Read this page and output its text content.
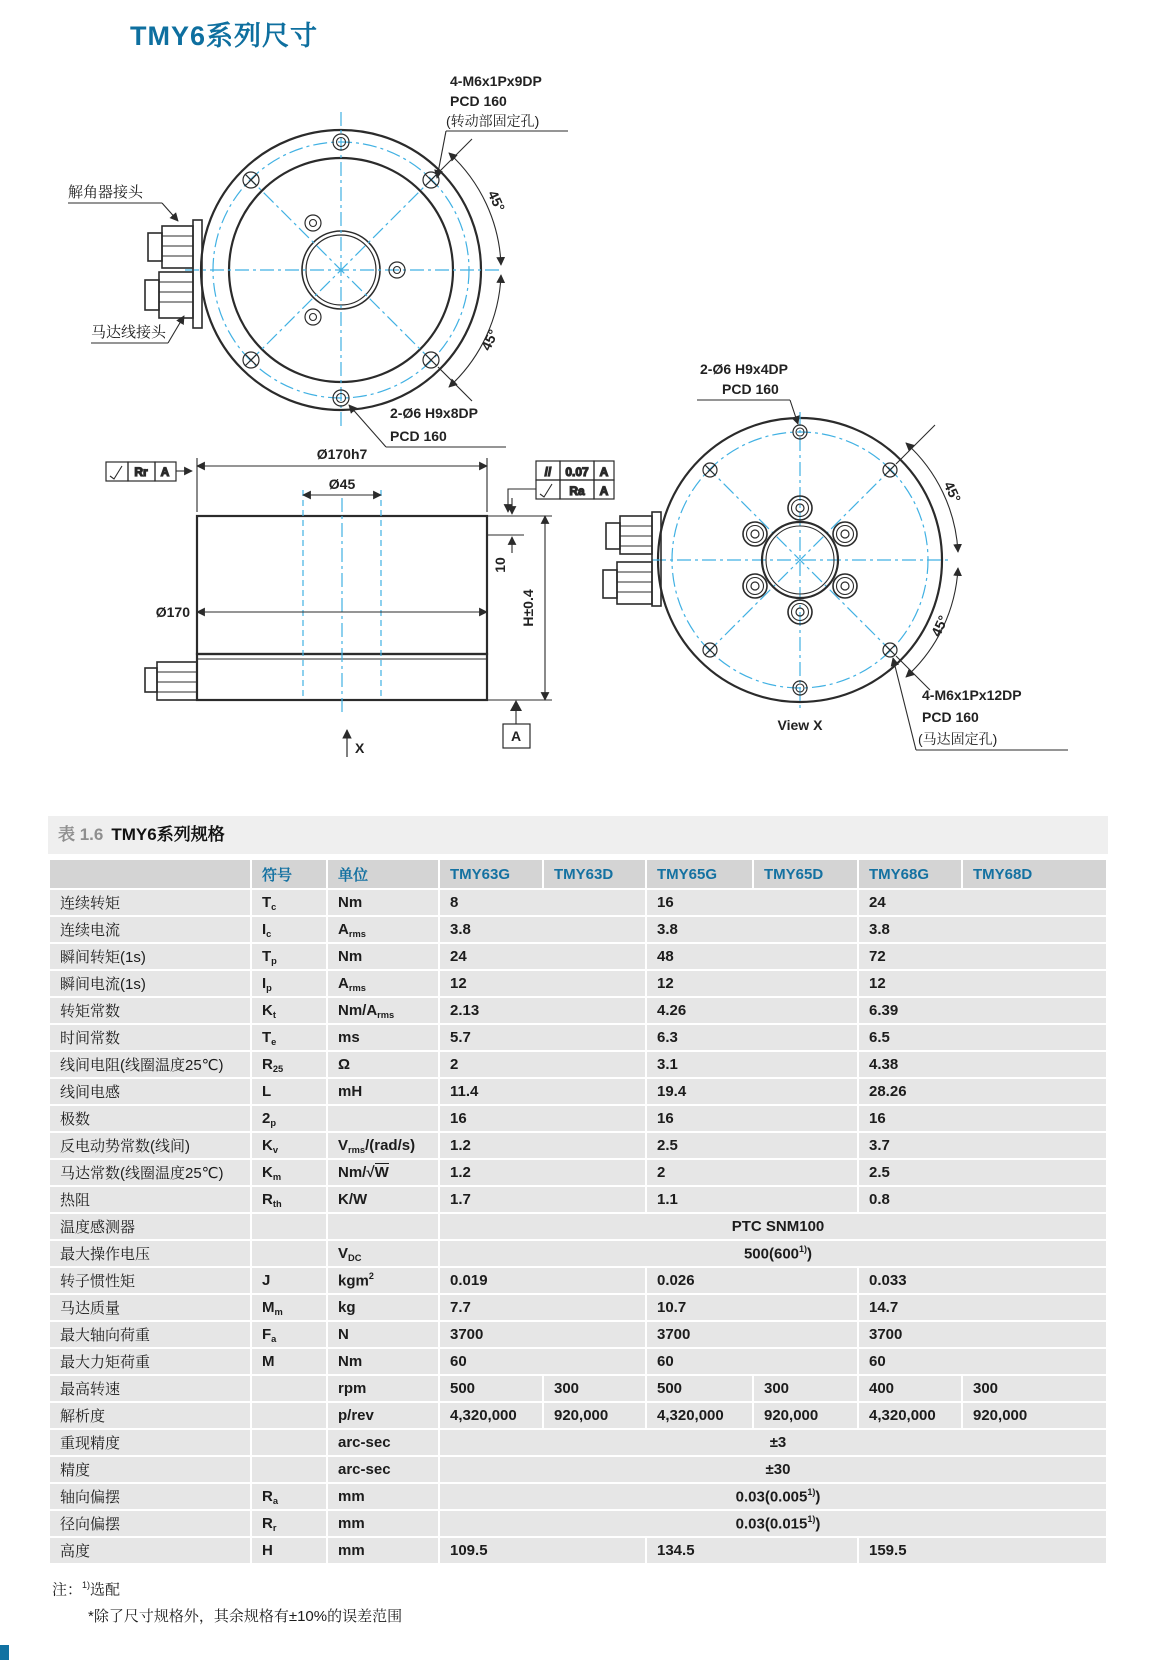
TMY6系列尺寸
解角器接头
马达线接头
4-M6x1Px9DP
PCD 160
(转动部固定孔)
2-Ø6 H9x8DP
PCD 160
45°
45°
Ø170h7
Ø45
Ø170
10
H±0.4
A
X
Rr A	// 0.07 A
Ra A
2-Ø6 H9x4DP
PCD 160
4-M6x1Px12DP
PCD 160
(马达固定孔)
View X
45°
45°
表 1.6 TMY6系列规格
	符号	单位	TMY63G	TMY63D	TMY65G	TMY65D	TMY68G	TMY68D
连续转矩	$T_c$	Nm	8		16		24	
连续电流	$I_c$	$A_{rms}$	3.8		3.8		3.8	
瞬间转矩(1s)	$T_p$	Nm	24		48		72	
瞬间电流(1s)	$I_p$	$A_{rms}$	12		12		12	
转矩常数	$K_t$	$Nm/A_{rms}$	2.13		4.26		6.39	
时间常数	$T_e$	ms	5.7		6.3		6.5	
线间电阻(线圈温度25℃)	$R_{25}$	Ω	2		3.1		4.38	
线间电感	L	mH	11.4		19.4		28.26	
极数	$2_p$		16		16		16	
反电动势常数(线间)	$K_v$	$V_{rms}/(rad/s)$	1.2		2.5		3.7	
马达常数(线圈温度25℃)	$K_m$	Nm/√W	1.2		2		2.5	
热阻	$R_{th}$	K/W	1.7		1.1		0.8	
温度感测器			PTC SNM100					
最大操作电压		$V_{DC}$	500(600$^{1)}$)					
转子惯性矩	J	kgm$^2$	0.019		0.026		0.033	
马达质量	$M_m$	kg	7.7		10.7		14.7	
最大轴向荷重	$F_a$	N	3700		3700		3700	
最大力矩荷重	M	Nm	60		60		60	
最高转速		rpm	500	300	500	300	400	300
解析度		p/rev	4,320,000	920,000	4,320,000	920,000	4,320,000	920,000
重现精度		arc-sec	±3					
精度		arc-sec	±30					
轴向偏摆	$R_a$	mm	0.03(0.005$^{1)}$)					
径向偏摆	$R_r$	mm	0.03(0.015$^{1)}$)					
高度	H	mm	109.5		134.5		159.5	
注：$^{1)}$选配
*除了尺寸规格外，其余规格有±10%的误差范围
